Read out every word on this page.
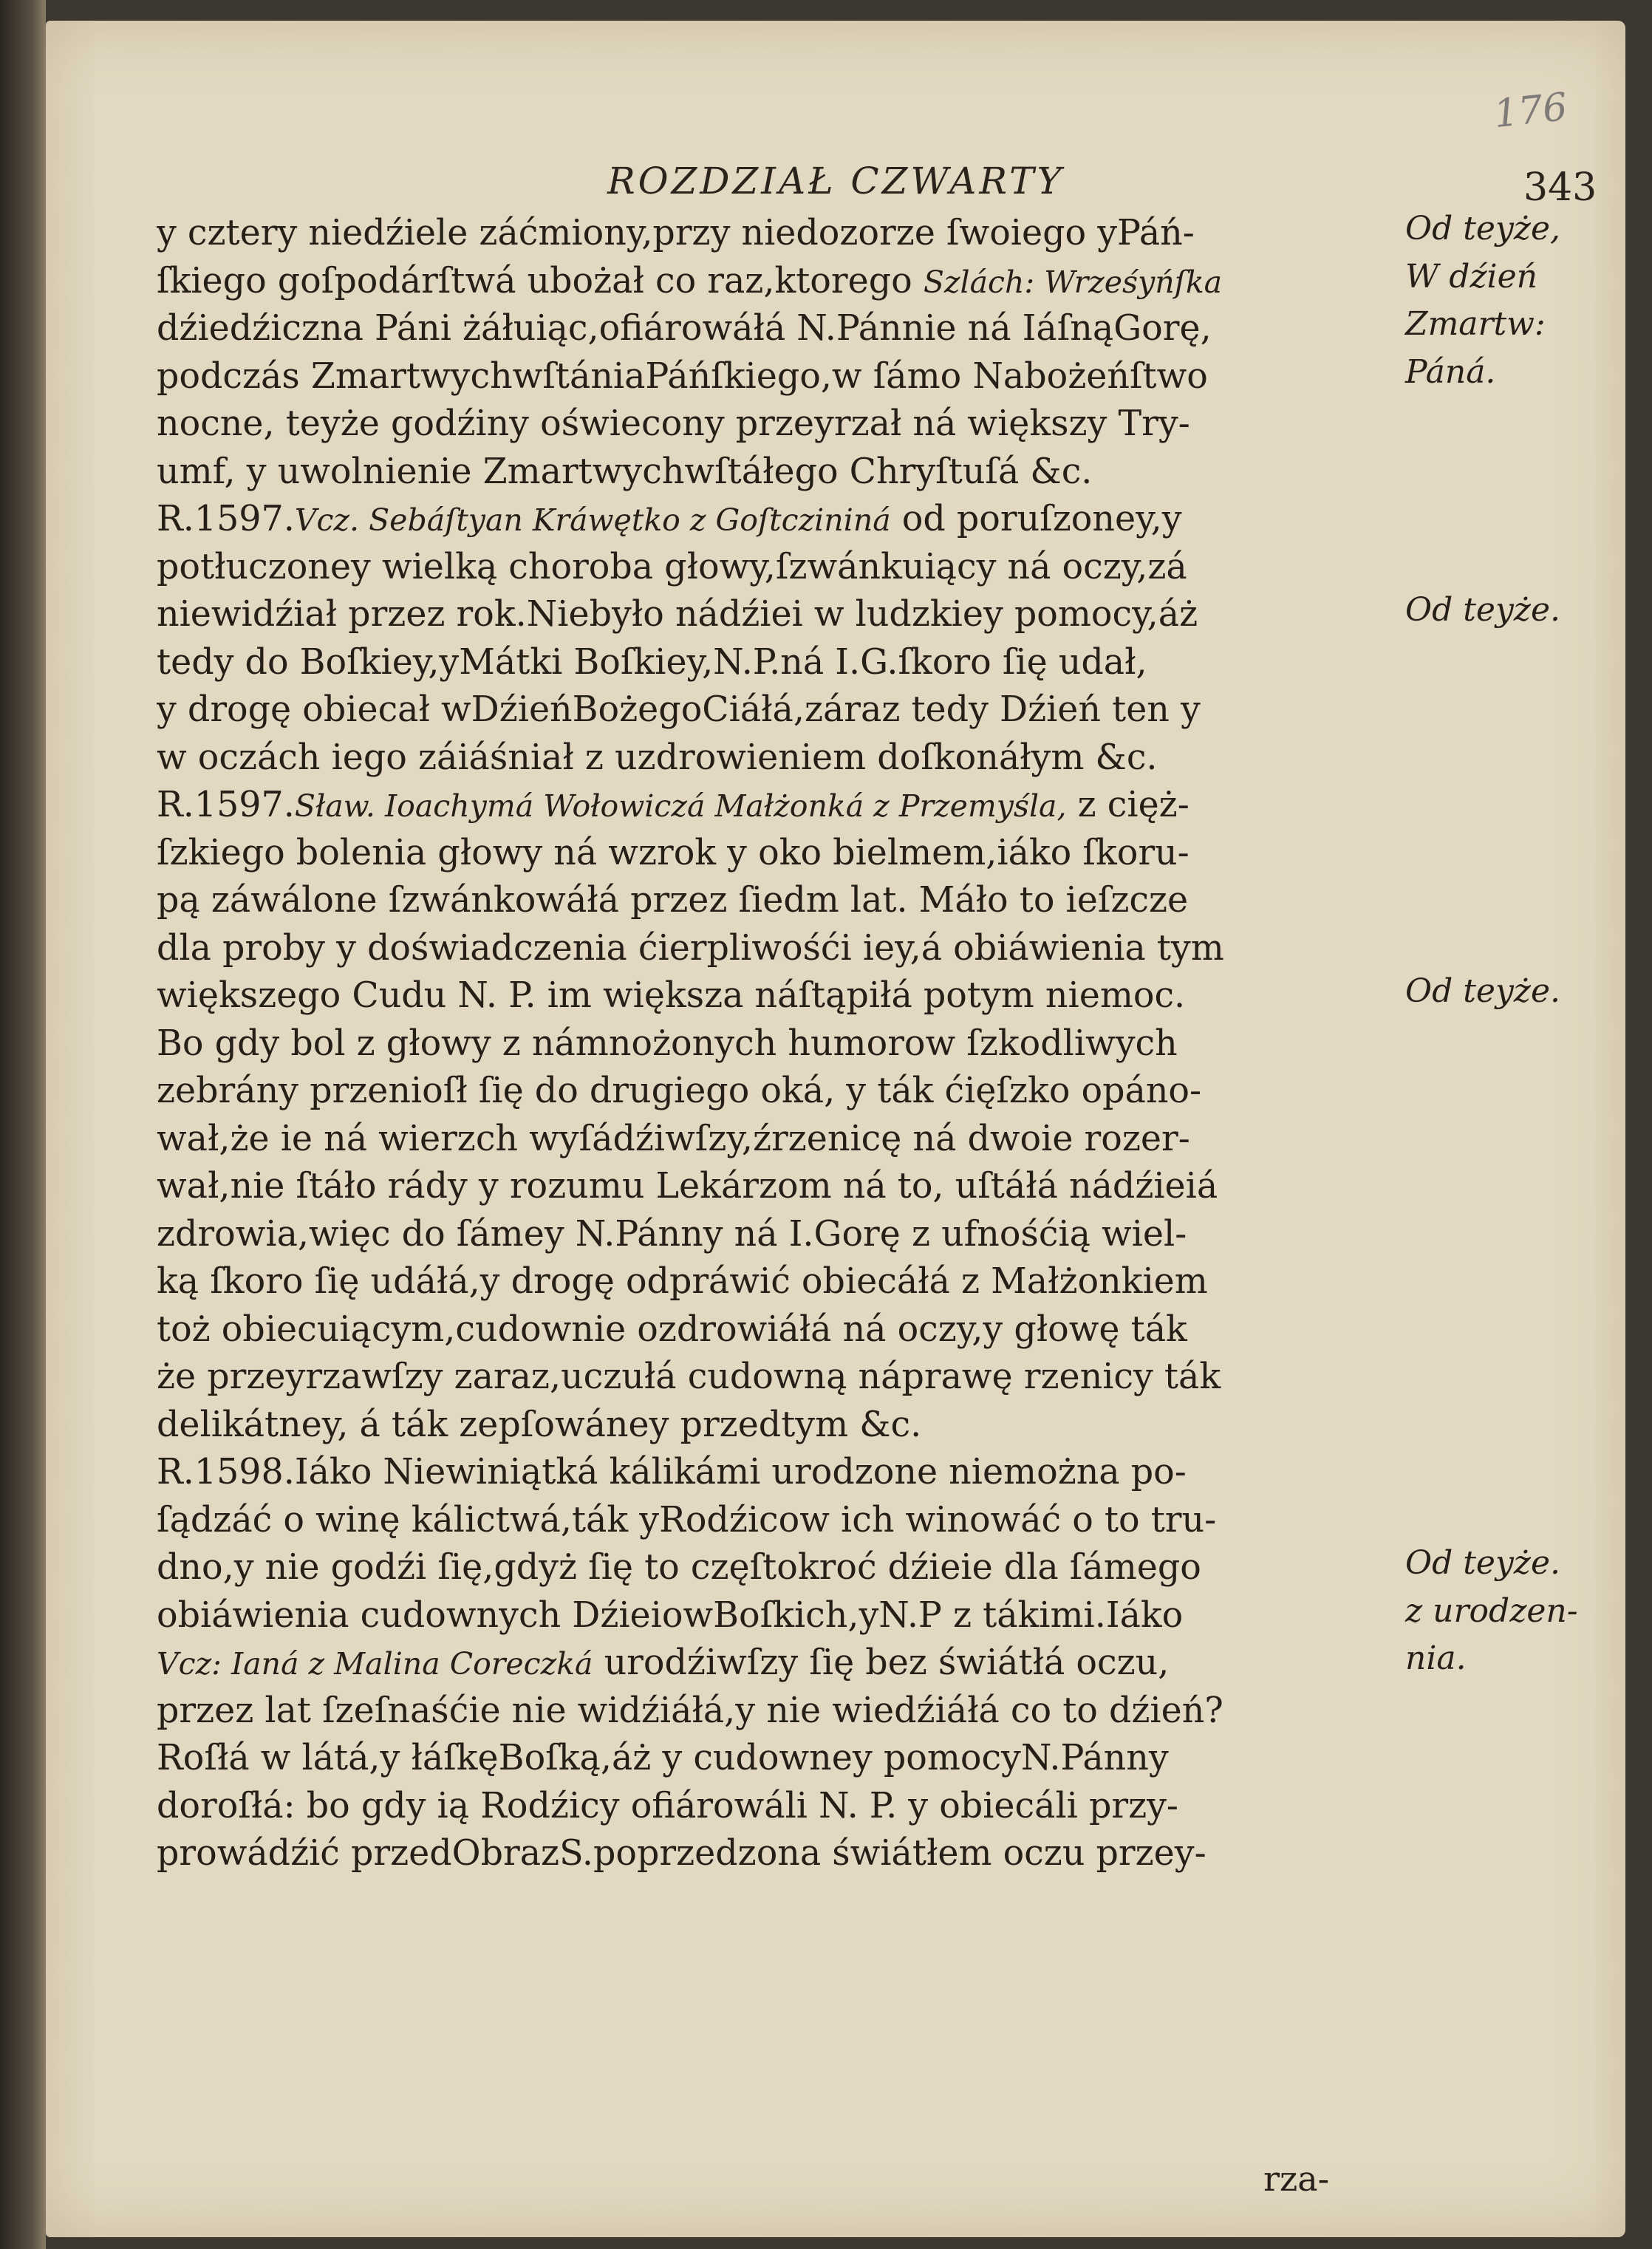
176
ROZDZIAŁ CZWARTY	343
y cztery niedźiele záćmiony,przy niedozorze ſwoiego yPáń-
ſkiego goſpodárſtwá ubożał co raz,ktorego Szlách: Wrześyńſka
dźiedźiczna Páni żáłuiąc,ofiárowáłá N.Pánnie ná IáſnąGorę,
podczás ZmartwychwſtániaPáńſkiego,w ſámo Nabożeńſtwo
nocne, teyże godźiny oświecony przeyrzał ná większy Try-
umf, y uwolnienie Zmartwychwſtáłego Chryſtuſá &c.
R.1597.Vcz. Sebáſtyan Kráwętko z Goſtczininá od poruſzoney,y
potłuczoney wielką choroba głowy,ſzwánkuiący ná oczy,zá
niewidźiał przez rok.Niebyło nádźiei w ludzkiey pomocy,áż
tedy do Boſkiey,yMátki Boſkiey,N.P.ná I.G.ſkoro ſię udał,
y drogę obiecał wDźieńBożegoCiáłá,záraz tedy Dźień ten y
w oczách iego záiáśniał z uzdrowieniem doſkonáłym &c.
R.1597.Sław. Ioachymá Wołowiczá Małżonká z Przemyśla, z cięż-
ſzkiego bolenia głowy ná wzrok y oko bielmem,iáko ſkoru-
pą záwálone ſzwánkowáłá przez ſiedm lat. Máło to ieſzcze
dla proby y doświadczenia ćierpliwośći iey,á obiáwienia tym
większego Cudu N. P. im większa náſtąpiłá potym niemoc.
Bo gdy bol z głowy z námnożonych humorow ſzkodliwych
zebrány przenioſł ſię do drugiego oká, y ták ćięſzko opáno-
wał,że ie ná wierzch wyſádźiwſzy,źrzenicę ná dwoie rozer-
wał,nie ſtáło rády y rozumu Lekárzom ná to, uſtáłá nádźieiá
zdrowia,więc do ſámey N.Pánny ná I.Gorę z ufnośćią wiel-
ką ſkoro ſię udáłá,y drogę odpráwić obiecáłá z Małżonkiem
toż obiecuiącym,cudownie ozdrowiáłá ná oczy,y głowę ták
że przeyrzawſzy zaraz,uczułá cudowną náprawę rzenicy ták
delikátney, á ták zepſowáney przedtym &c.
R.1598.Iáko Niewiniątká kálikámi urodzone niemożna po-
ſądzáć o winę kálictwá,ták yRodźicow ich winowáć o to tru-
dno,y nie godźi ſię,gdyż ſię to częſtokroć dźieie dla ſámego
obiáwienia cudownych DźieiowBoſkich,yN.P z tákimi.Iáko
Vcz: Ianá z Malina Coreczká urodźiwſzy ſię bez świátłá oczu,
przez lat ſzeſnaśćie nie widźiáłá,y nie wiedźiáłá co to dźień?
Roſłá w látá,y łáſkęBoſką,áż y cudowney pomocyN.Pánny
doroſłá: bo gdy ią Rodźicy ofiárowáli N. P. y obiecáli przy-
prowádźić przedObrazS.poprzedzona świátłem oczu przey-
Od teyże,
W dźień
Zmartw:
Páná.
Od teyże.
Od teyże.
Od teyże.
z urodzen-
nia.
rza-
